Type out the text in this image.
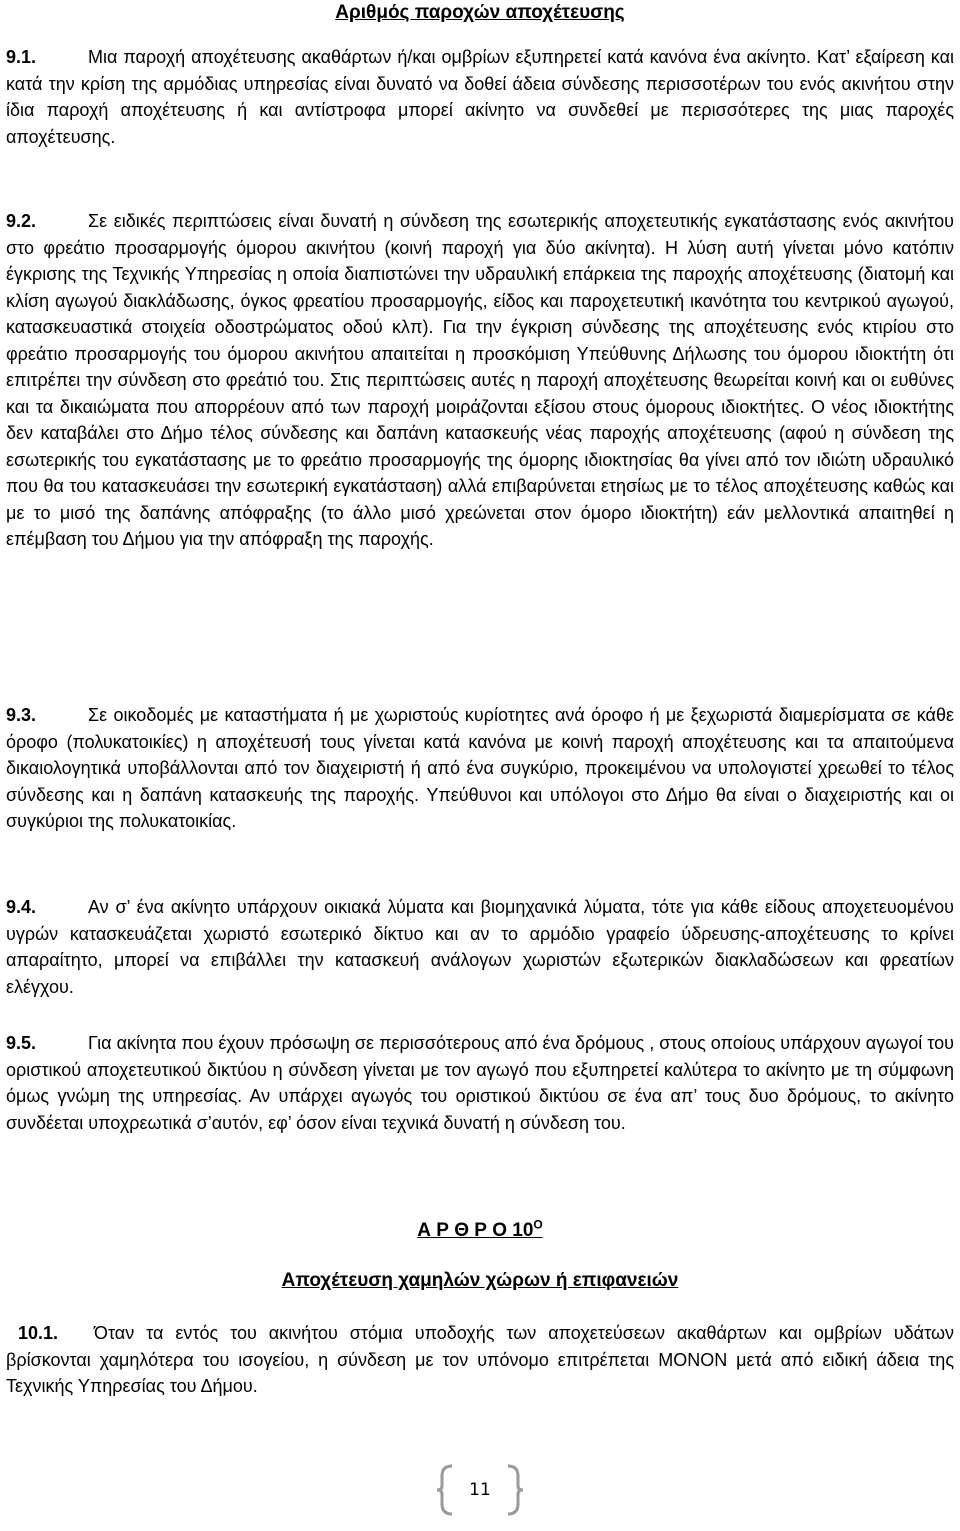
Αριθμός παροχών αποχέτευσης

9.1.	Μια παροχή αποχέτευσης ακαθάρτων ή/και ομβρίων εξυπηρετεί κατά κανόνα ένα ακίνητο. Κατ’ εξαίρεση και κατά την κρίση της αρμόδιας υπηρεσίας είναι δυνατό να δοθεί άδεια σύνδεσης περισσοτέρων του ενός ακινήτου στην ίδια παροχή αποχέτευσης ή και αντίστροφα μπορεί ακίνητο να συνδεθεί με περισσότερες της μιας παροχές αποχέτευσης.

9.2.	Σε ειδικές περιπτώσεις είναι δυνατή η σύνδεση της εσωτερικής αποχετευτικής εγκατάστασης ενός ακινήτου στο φρεάτιο προσαρμογής όμορου ακινήτου (κοινή παροχή για δύο ακίνητα). Η λύση αυτή γίνεται μόνο κατόπιν έγκρισης της Τεχνικής Υπηρεσίας η οποία διαπιστώνει την υδραυλική επάρκεια της παροχής αποχέτευσης (διατομή και κλίση αγωγού διακλάδωσης, όγκος φρεατίου προσαρμογής, είδος και παροχετευτική ικανότητα του κεντρικού αγωγού, κατασκευαστικά στοιχεία οδοστρώματος οδού κλπ). Για την έγκριση σύνδεσης της αποχέτευσης ενός κτιρίου στο φρεάτιο προσαρμογής του όμορου ακινήτου απαιτείται η προσκόμιση Υπεύθυνης Δήλωσης του όμορου ιδιοκτήτη ότι επιτρέπει την σύνδεση στο φρεάτιό του. Στις περιπτώσεις αυτές η παροχή αποχέτευσης θεωρείται κοινή και οι ευθύνες και τα δικαιώματα που απορρέουν από των παροχή μοιράζονται εξίσου στους όμορους ιδιοκτήτες. Ο νέος ιδιοκτήτης δεν καταβάλει στο Δήμο τέλος σύνδεσης και δαπάνη κατασκευής νέας παροχής αποχέτευσης (αφού η σύνδεση της εσωτερικής του εγκατάστασης με το φρεάτιο προσαρμογής της όμορης ιδιοκτησίας θα γίνει από τον ιδιώτη υδραυλικό που θα του κατασκευάσει την εσωτερική εγκατάσταση) αλλά επιβαρύνεται ετησίως με το τέλος αποχέτευσης καθώς και με το μισό της δαπάνης απόφραξης (το άλλο μισό χρεώνεται στον όμορο ιδιοκτήτη) εάν μελλοντικά απαιτηθεί η επέμβαση του Δήμου για την απόφραξη της παροχής.

9.3.	Σε οικοδομές με καταστήματα ή με χωριστούς κυρίοτητες ανά όροφο ή με ξεχωριστά διαμερίσματα σε κάθε όροφο (πολυκατοικίες) η αποχέτευσή τους γίνεται κατά κανόνα με κοινή παροχή αποχέτευσης και τα απαιτούμενα δικαιολογητικά υποβάλλονται από τον διαχειριστή ή από ένα συγκύριο, προκειμένου να υπολογιστεί χρεωθεί το τέλος σύνδεσης και η δαπάνη κατασκευής της παροχής. Υπεύθυνοι και υπόλογοι στο Δήμο θα είναι ο διαχειριστής και οι συγκύριοι της πολυκατοικίας.

9.4.	Αν σ’ ένα ακίνητο υπάρχουν οικιακά λύματα και βιομηχανικά λύματα, τότε για κάθε είδους αποχετευομένου υγρών κατασκευάζεται χωριστό εσωτερικό δίκτυο και αν το αρμόδιο γραφείο ύδρευσης-αποχέτευσης το κρίνει απαραίτητο, μπορεί να επιβάλλει την κατασκευή ανάλογων χωριστών εξωτερικών διακλαδώσεων και φρεατίων ελέγχου.

9.5.	Για ακίνητα που έχουν πρόσωψη σε περισσότερους από ένα δρόμους , στους οποίους υπάρχουν αγωγοί του οριστικού αποχετευτικού δικτύου η σύνδεση γίνεται με τον αγωγό που εξυπηρετεί καλύτερα το ακίνητο με τη σύμφωνη όμως γνώμη της υπηρεσίας. Αν υπάρχει αγωγός του οριστικού δικτύου σε ένα απ’ τους δυο δρόμους, το ακίνητο συνδέεται υποχρεωτικά σ’αυτόν, εφ’ όσον είναι τεχνικά δυνατή η σύνδεση του.

Α Ρ Θ Ρ Ο $10^O$
Αποχέτευση χαμηλών χώρων ή επιφανειών

10.1. Όταν τα εντός του ακινήτου στόμια υποδοχής των αποχετεύσεων ακαθάρτων και ομβρίων υδάτων βρίσκονται χαμηλότερα του ισογείου, η σύνδεση με τον υπόνομο επιτρέπεται ΜΟΝΟΝ μετά από ειδική άδεια της Τεχνικής Υπηρεσίας του Δήμου.

11
